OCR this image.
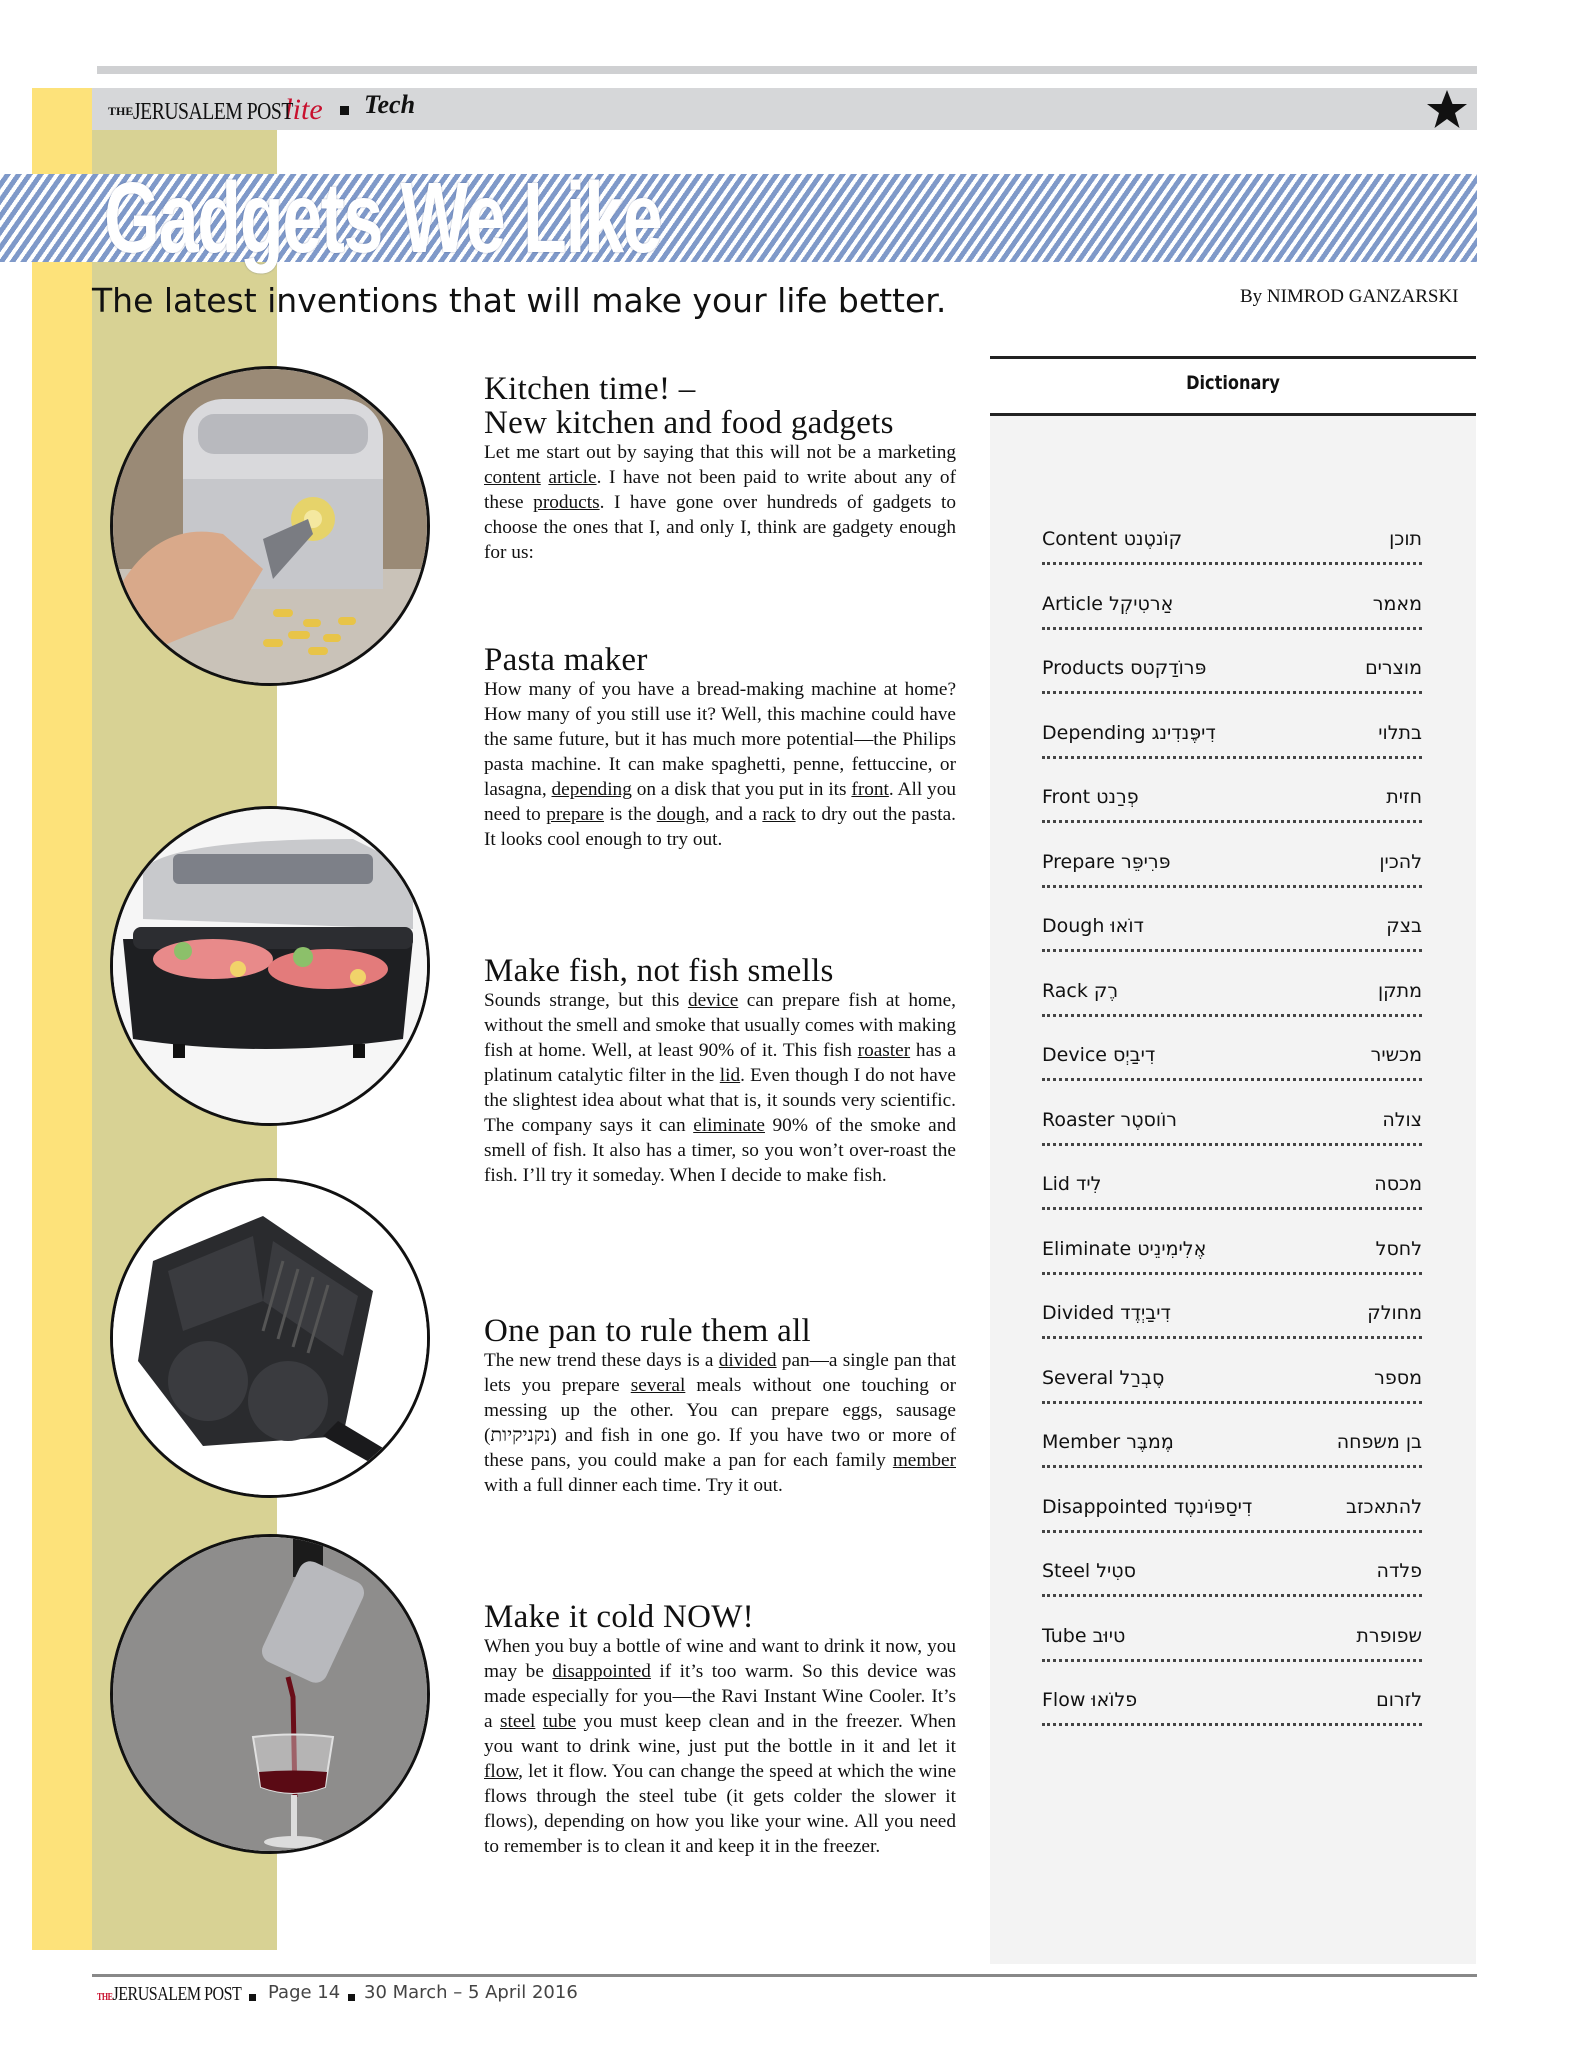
THE JERUSALEM POST
lite Tech
Gadgets We Like
The latest inventions that will make your life better.	By NIMROD GANZARSKI
Kitchen time! –
New kitchen and food gadgets

Let me start out by saying that this will not be a marketing content article. I have not been paid to write about any of these products. I have gone over hundreds of gadgets to choose the ones that I, and only I, think are gadgety enough for us:

Pasta maker

How many of you have a bread-making machine at home? How many of you still use it? Well, this machine could have the same future, but it has much more potential—the Philips pasta machine. It can make spaghetti, penne, fettuccine, or lasagna, depending on a disk that you put in its front. All you need to prepare is the dough, and a rack to dry out the pasta. It looks cool enough to try out.

Make fish, not fish smells

Sounds strange, but this device can prepare fish at home, without the smell and smoke that usually comes with making fish at home. Well, at least 90% of it. This fish roaster has a platinum catalytic filter in the lid. Even though I do not have the slightest idea about what that is, it sounds very scientific. The company says it can eliminate 90% of the smoke and smell of fish. It also has a timer, so you won’t over-roast the fish. I’ll try it someday. When I decide to make fish.

One pan to rule them all

The new trend these days is a divided pan—a single pan that lets you prepare several meals without one touching or messing up the other. You can prepare eggs, sausage (נקניקיות) and fish in one go. If you have two or more of these pans, you could make a pan for each family member with a full dinner each time. Try it out.

Make it cold NOW!

When you buy a bottle of wine and want to drink it now, you may be disappointed if it’s too warm. So this device was made especially for you—the Ravi Instant Wine Cooler. It’s a steel tube you must keep clean and in the freezer. When you want to drink wine, just put the bottle in it and let it flow, let it flow. You can change the speed at which the wine flows through the steel tube (it gets colder the slower it flows), depending on how you like your wine. All you need to remember is to clean it and keep it in the freezer.

Dictionary
Content קוֹנטֶנט	תוכן
Article אַרטִיקְל	מאמר
Products פּרוֹדַקטס	מוצרים
Depending דִיפֶּנדִינג	בתלוי
Front פְרַנט	חזית
Prepare פּרִיפֵּר	להכין
Dough דוֹאוּ	בצק
Rack רֶק	מתקן
Device דִיבַיְס	מכשיר
Roaster רוֹוסטֶר	צולה
Lid לִיד	מכסה
Eliminate אֶלִימִינֵיט	לחסל
Divided דִיבַיְדֶד	מחולק
Several סֶבְרַל	מספר
Member מֶמבֶּר	בן משפחה
Disappointed דִיסַפּוֹינטֶד	להתאכזב
Steel סטִיל	פלדה
Tube טיוּב	שפופרת
Flow פלוֹאוּ	לזרום
THEJERUSALEM POST Page 14 30 March – 5 April 2016
